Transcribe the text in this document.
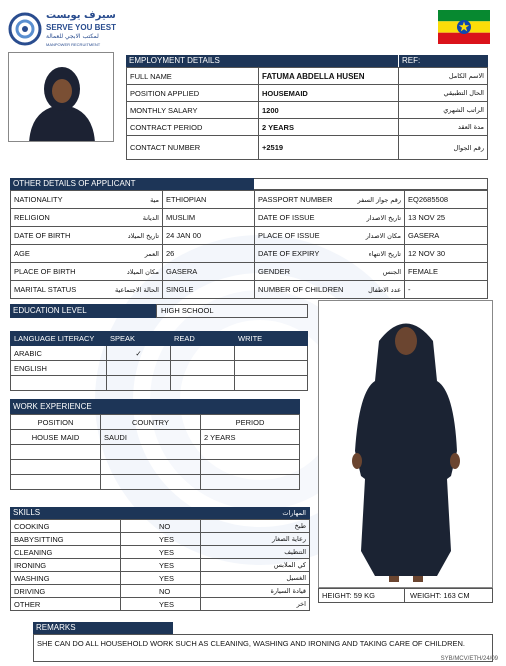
سيرف يوبست
SERVE YOU BEST
لمكتب الابجي للعمالة
MANPOWER RECRUITMENT
EMPLOYMENT DETAILS	REF:
FULL NAME	FATUMA ABDELLA HUSEN	الاسم الكامل
POSITION APPLIED	HOUSEMAID	الحال التطبيقي
MONTHLY SALARY	1200	الراتب الشهري
CONTRACT PERIOD	2 YEARS	مدة العقد
CONTACT NUMBER	+2519	رقم الجوال
OTHER DETAILS OF APPLICANT
NATIONALITY	مية	ETHIOPIAN	PASSPORT NUMBER	رقم جواز السفر	EQ2685508
RELIGION	الديانة	MUSLIM	DATE OF ISSUE	تاريخ الاصدار	13 NOV 25
DATE OF BIRTH	تاريخ الميلاد	24 JAN 00	PLACE OF ISSUE	مكان الاصدار	GASERA
AGE	العمر	26	DATE OF EXPIRY	تاريخ الانتهاء	12 NOV 30
PLACE OF BIRTH	مكان الميلاد	GASERA	GENDER	الجنس	FEMALE
MARITAL STATUS	الحالة الاجتماعية	SINGLE	NUMBER OF CHILDREN	عدد الاطفال	-
EDUCATION LEVEL	HIGH SCHOOL
LANGUAGE LITERACY	SPEAK	READ	WRITE
ARABIC	✓		
ENGLISH			

WORK EXPERIENCE
POSITION	COUNTRY	PERIOD
HOUSE MAID	SAUDI	2 YEARS

SKILLS	المهارات
COOKING	NO	طبخ
BABYSITTING	YES	رعاية الصغار
CLEANING	YES	التنظيف
IRONING	YES	كي الملابس
WASHING	YES	الغسيل
DRIVING	NO	قيادة السيارة
OTHER	YES	اخر
HEIGHT: 59 KG	WEIGHT: 163 CM
REMARKS
SHE CAN DO ALL HOUSEHOLD WORK SUCH AS CLEANING, WASHING AND IRONING AND TAKING CARE OF CHILDREN.
SYB/MCV/ETH/24/09
